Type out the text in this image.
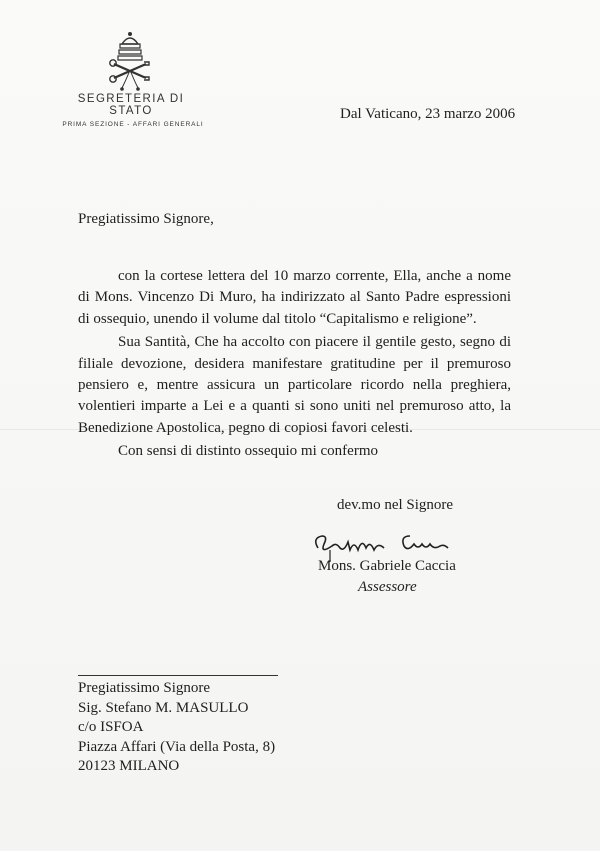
SEGRETERIA DI STATO
PRIMA SEZIONE - AFFARI GENERALI
Dal Vaticano, 23 marzo 2006
Pregiatissimo Signore,

con la cortese lettera del 10 marzo corrente, Ella, anche a nome di Mons. Vincenzo Di Muro, ha indirizzato al Santo Padre espressioni di ossequio, unendo il volume dal titolo “Capitalismo e religione”.

Sua Santità, Che ha accolto con piacere il gentile gesto, segno di filiale devozione, desidera manifestare gratitudine per il premuroso pensiero e, mentre assicura un particolare ricordo nella preghiera, volentieri imparte a Lei e a quanti si sono uniti nel premuroso atto, la Benedizione Apostolica, pegno di copiosi favori celesti.

Con sensi di distinto ossequio mi confermo

dev.mo nel Signore
Mons. Gabriele Caccia
Assessore
Pregiatissimo Signore
Sig. Stefano M. MASULLO
c/o ISFOA
Piazza Affari (Via della Posta, 8)
20123 MILANO
